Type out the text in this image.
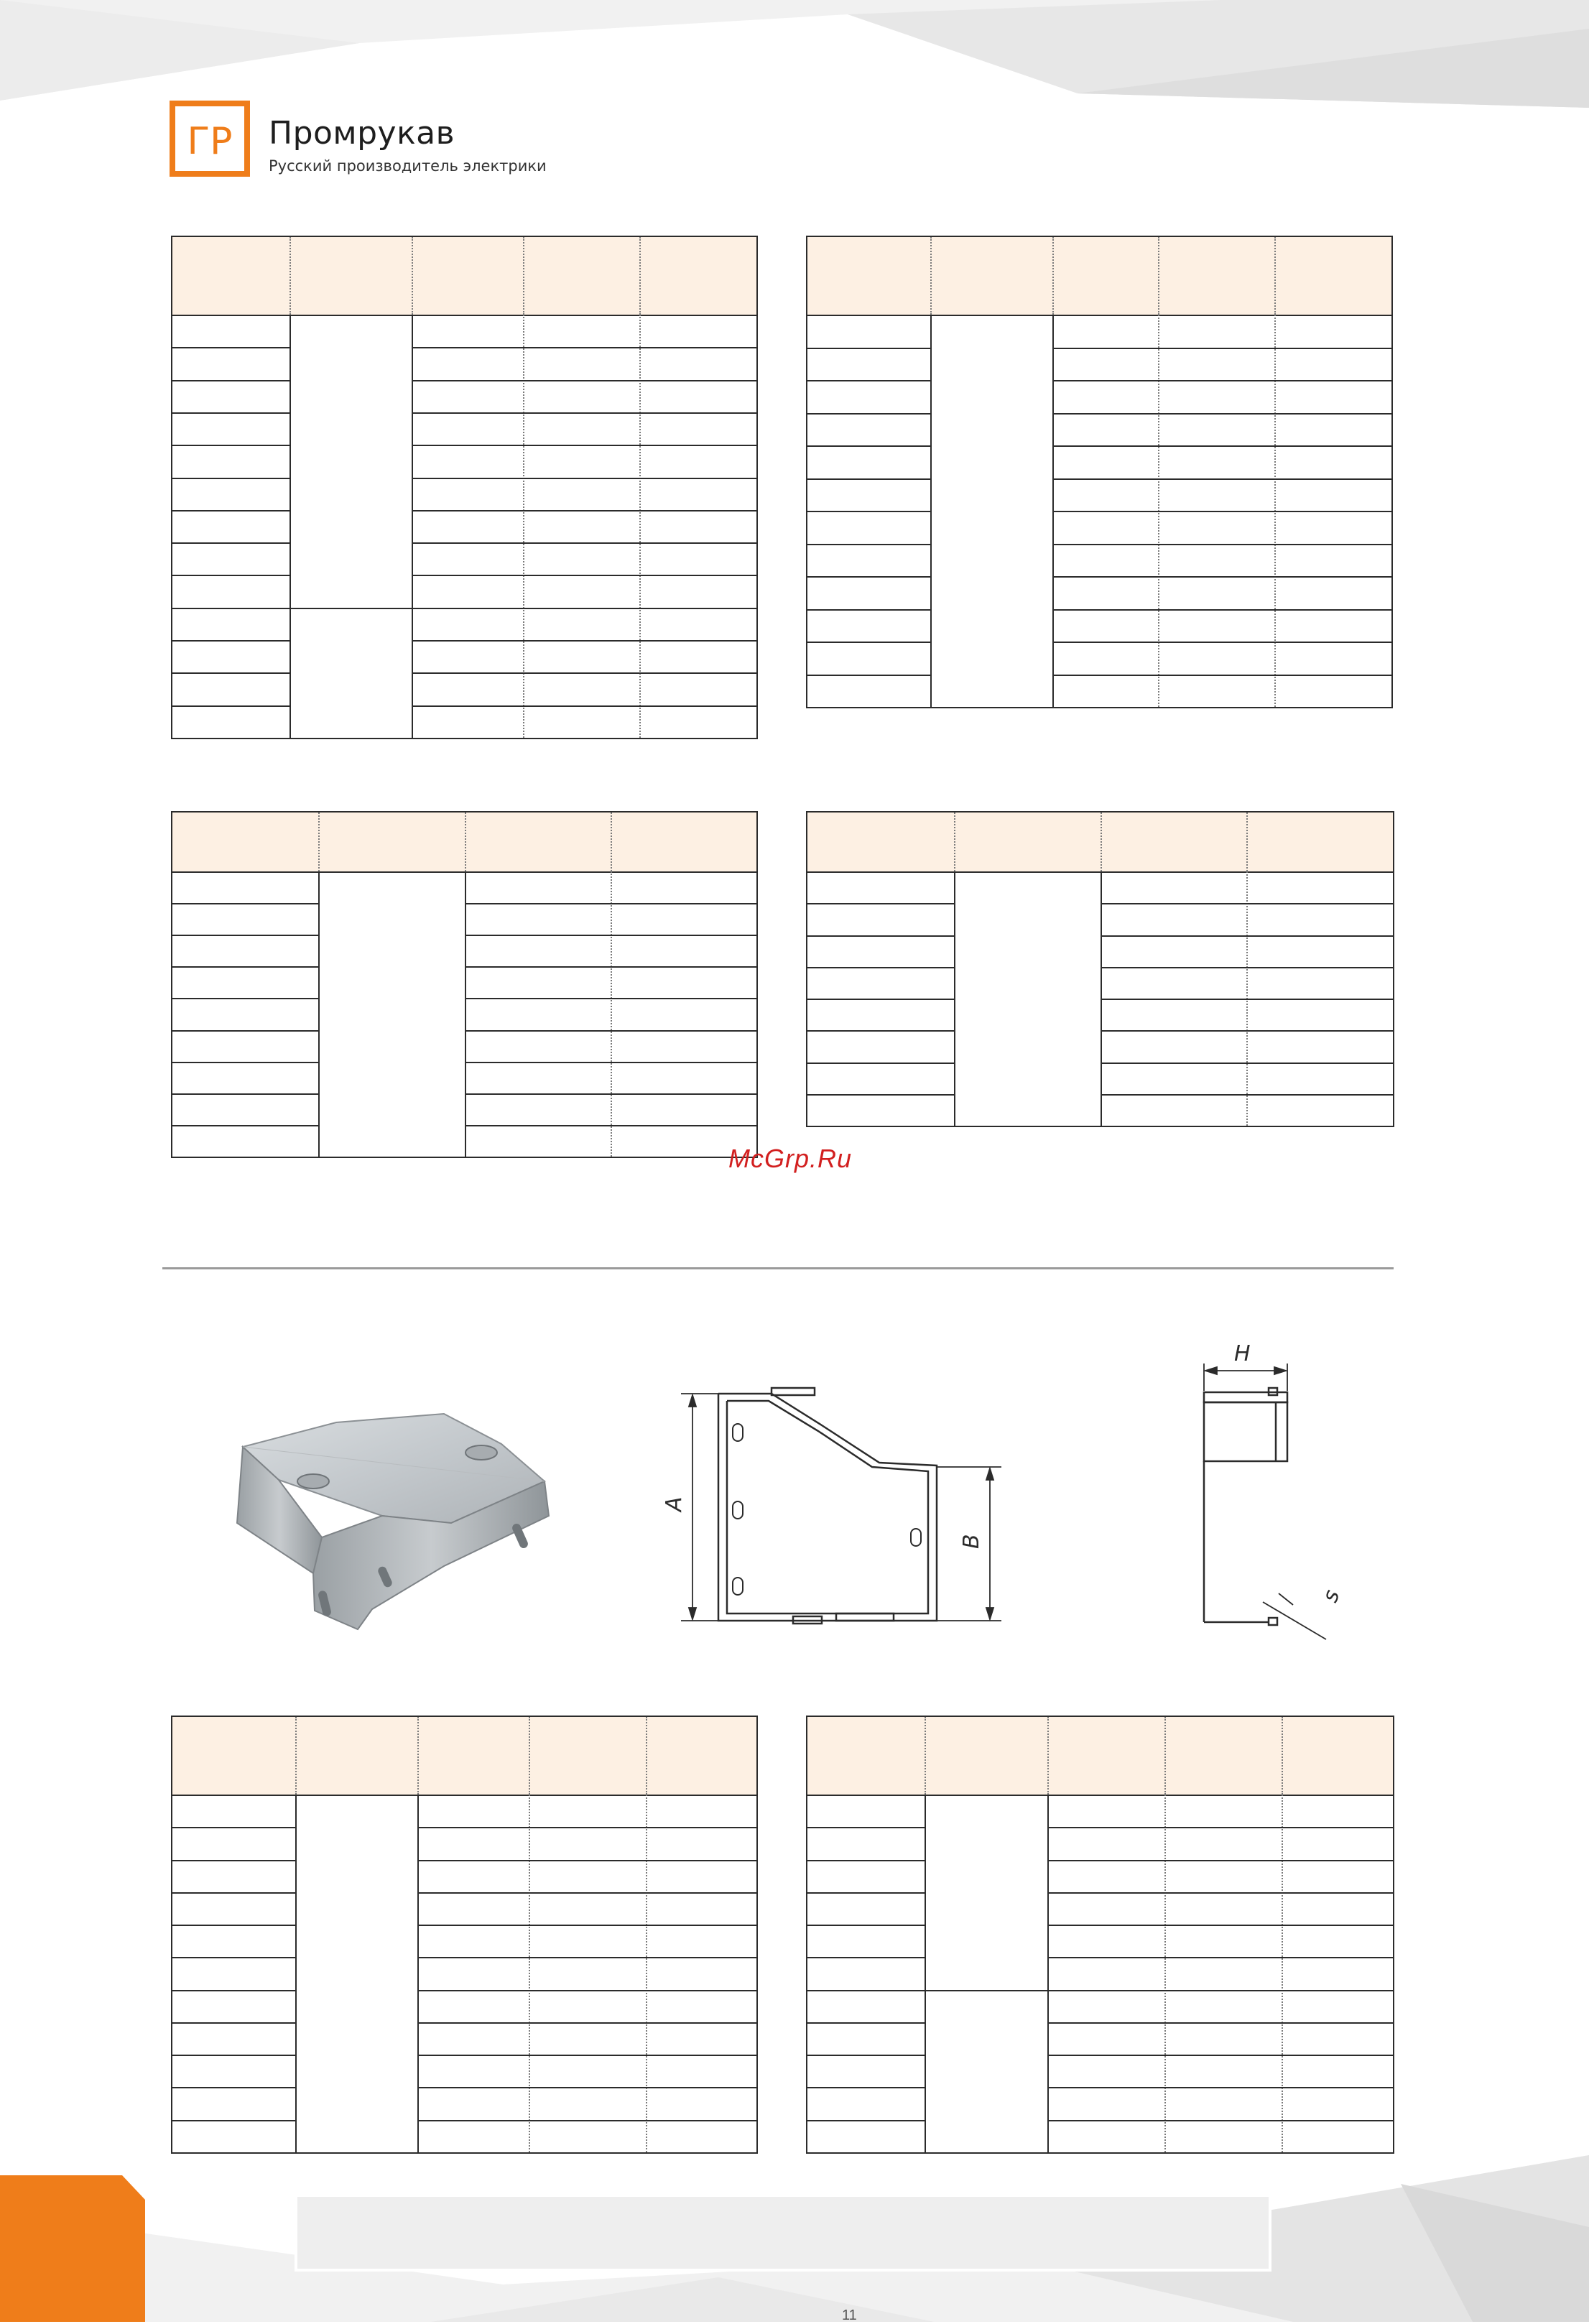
ГР Промрукав
Русский производитель электрики
McGrp.Ru
A
B
H
s
11
